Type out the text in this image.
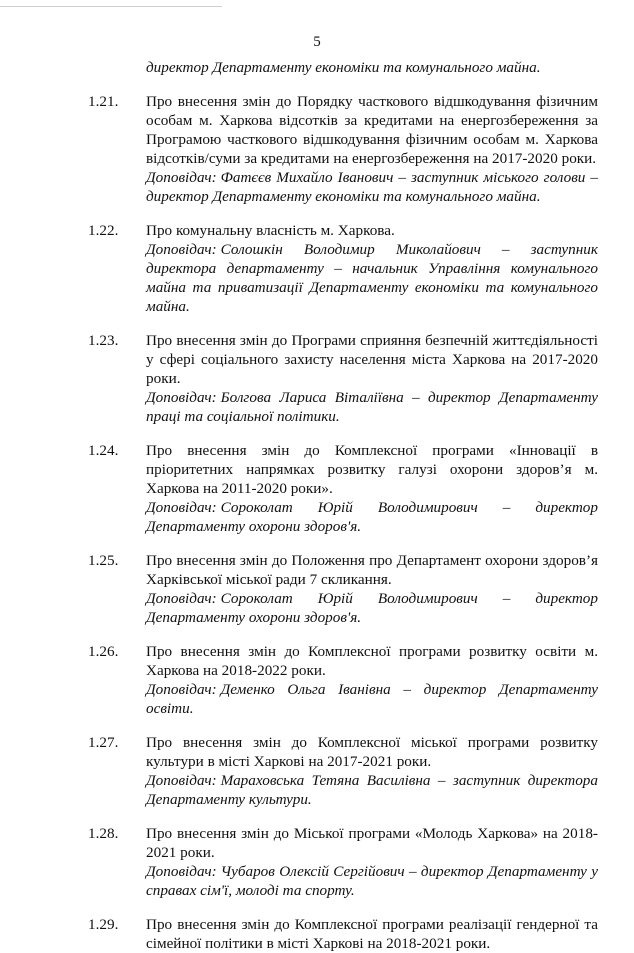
5
директор Департаменту економіки та комунального майна.
1.21.	Про внесення змін до Порядку часткового відшкодування фізичним особам м. Харкова відсотків за кредитами на енергозбереження за Програмою часткового відшкодування фізичним особам м. Харкова відсотків/суми за кредитами на енергозбереження на 2017-2020 роки.

Доповідач: Фатєєв Михайло Іванович – заступник міського голови – директор Департаменту економіки та комунального майна.

1.22.	Про комунальну власність м. Харкова.

Доповідач: Солошкін Володимир Миколайович – заступник директора департаменту – начальник Управління комунального майна та приватизації Департаменту економіки та комунального майна.

1.23.	Про внесення змін до Програми сприяння безпечній життєдіяльності у сфері соціального захисту населення міста Харкова на 2017-2020 роки.

Доповідач: Болгова Лариса Віталіївна – директор Департаменту праці та соціальної політики.

1.24.	Про внесення змін до Комплексної програми «Інновації в пріоритетних напрямках розвитку галузі охорони здоров’я м. Харкова на 2011-2020 роки».

Доповідач: Сороколат Юрій Володимирович – директор Департаменту охорони здоров'я.

1.25.	Про внесення змін до Положення про Департамент охорони здоров’я Харківської міської ради 7 скликання.

Доповідач: Сороколат Юрій Володимирович – директор Департаменту охорони здоров'я.

1.26.	Про внесення змін до Комплексної програми розвитку освіти м. Харкова на 2018-2022 роки.

Доповідач: Деменко Ольга Іванівна – директор Департаменту освіти.

1.27.	Про внесення змін до Комплексної міської програми розвитку культури в місті Харкові на 2017-2021 роки.

Доповідач: Мараховська Тетяна Василівна – заступник директора Департаменту культури.

1.28.	Про внесення змін до Міської програми «Молодь Харкова» на 2018-2021 роки.

Доповідач: Чубаров Олексій Сергійович – директор Департаменту у справах сім'ї, молоді та спорту.

1.29.	Про внесення змін до Комплексної програми реалізації гендерної та сімейної політики в місті Харкові на 2018-2021 роки.
